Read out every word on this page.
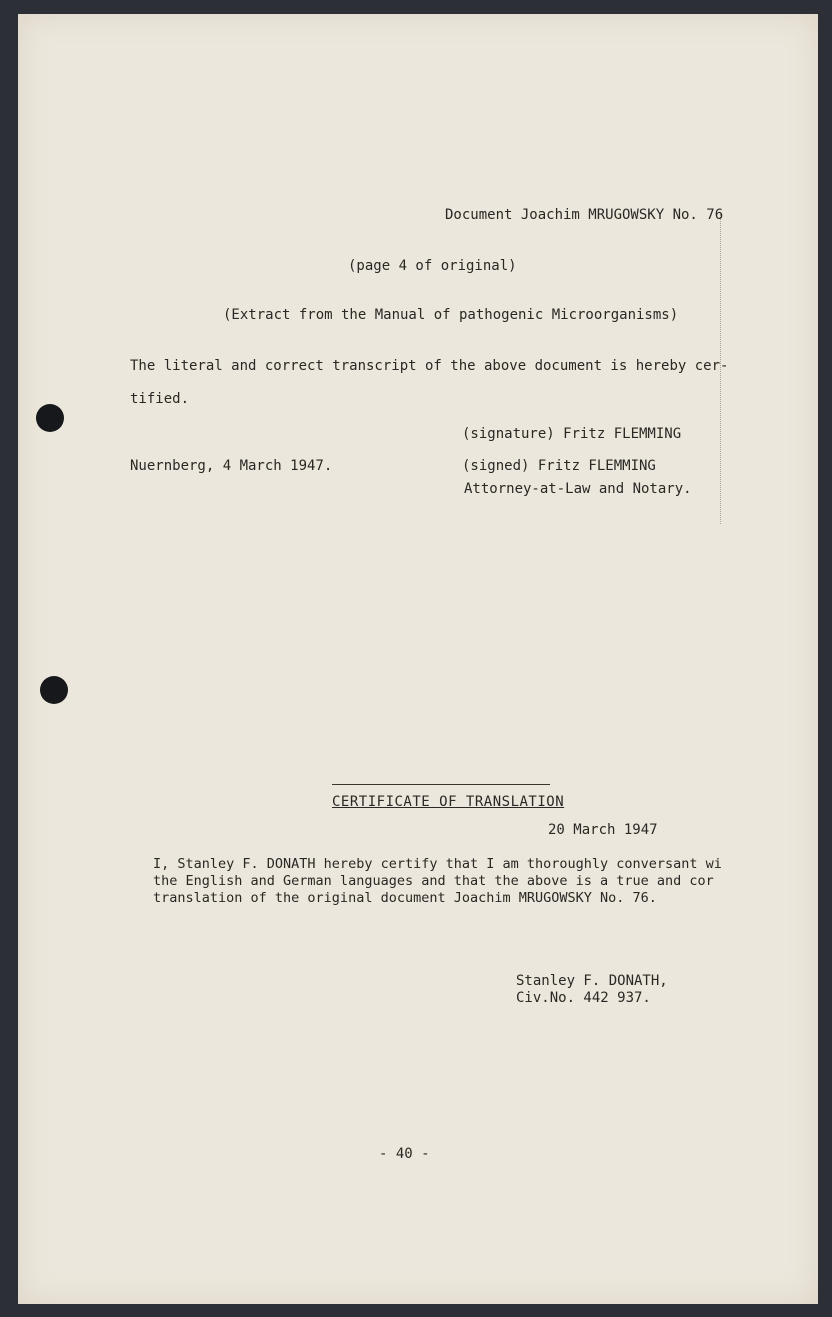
Document Joachim MRUGOWSKY No. 76
(page 4 of original)
(Extract from the Manual of pathogenic Microorganisms)
The literal and correct transcript of the above document is hereby cer-
tified.
(signature) Fritz FLEMMING
Nuernberg, 4 March 1947.	(signed) Fritz FLEMMING
Attorney-at-Law and Notary.
CERTIFICATE OF TRANSLATION
20 March 1947
I, Stanley F. DONATH hereby certify that I am thoroughly conversant wi
the English and German languages and that the above is a true and cor
translation of the original document Joachim MRUGOWSKY No. 76.
Stanley F. DONATH,
Civ.No. 442 937.
- 40 -
